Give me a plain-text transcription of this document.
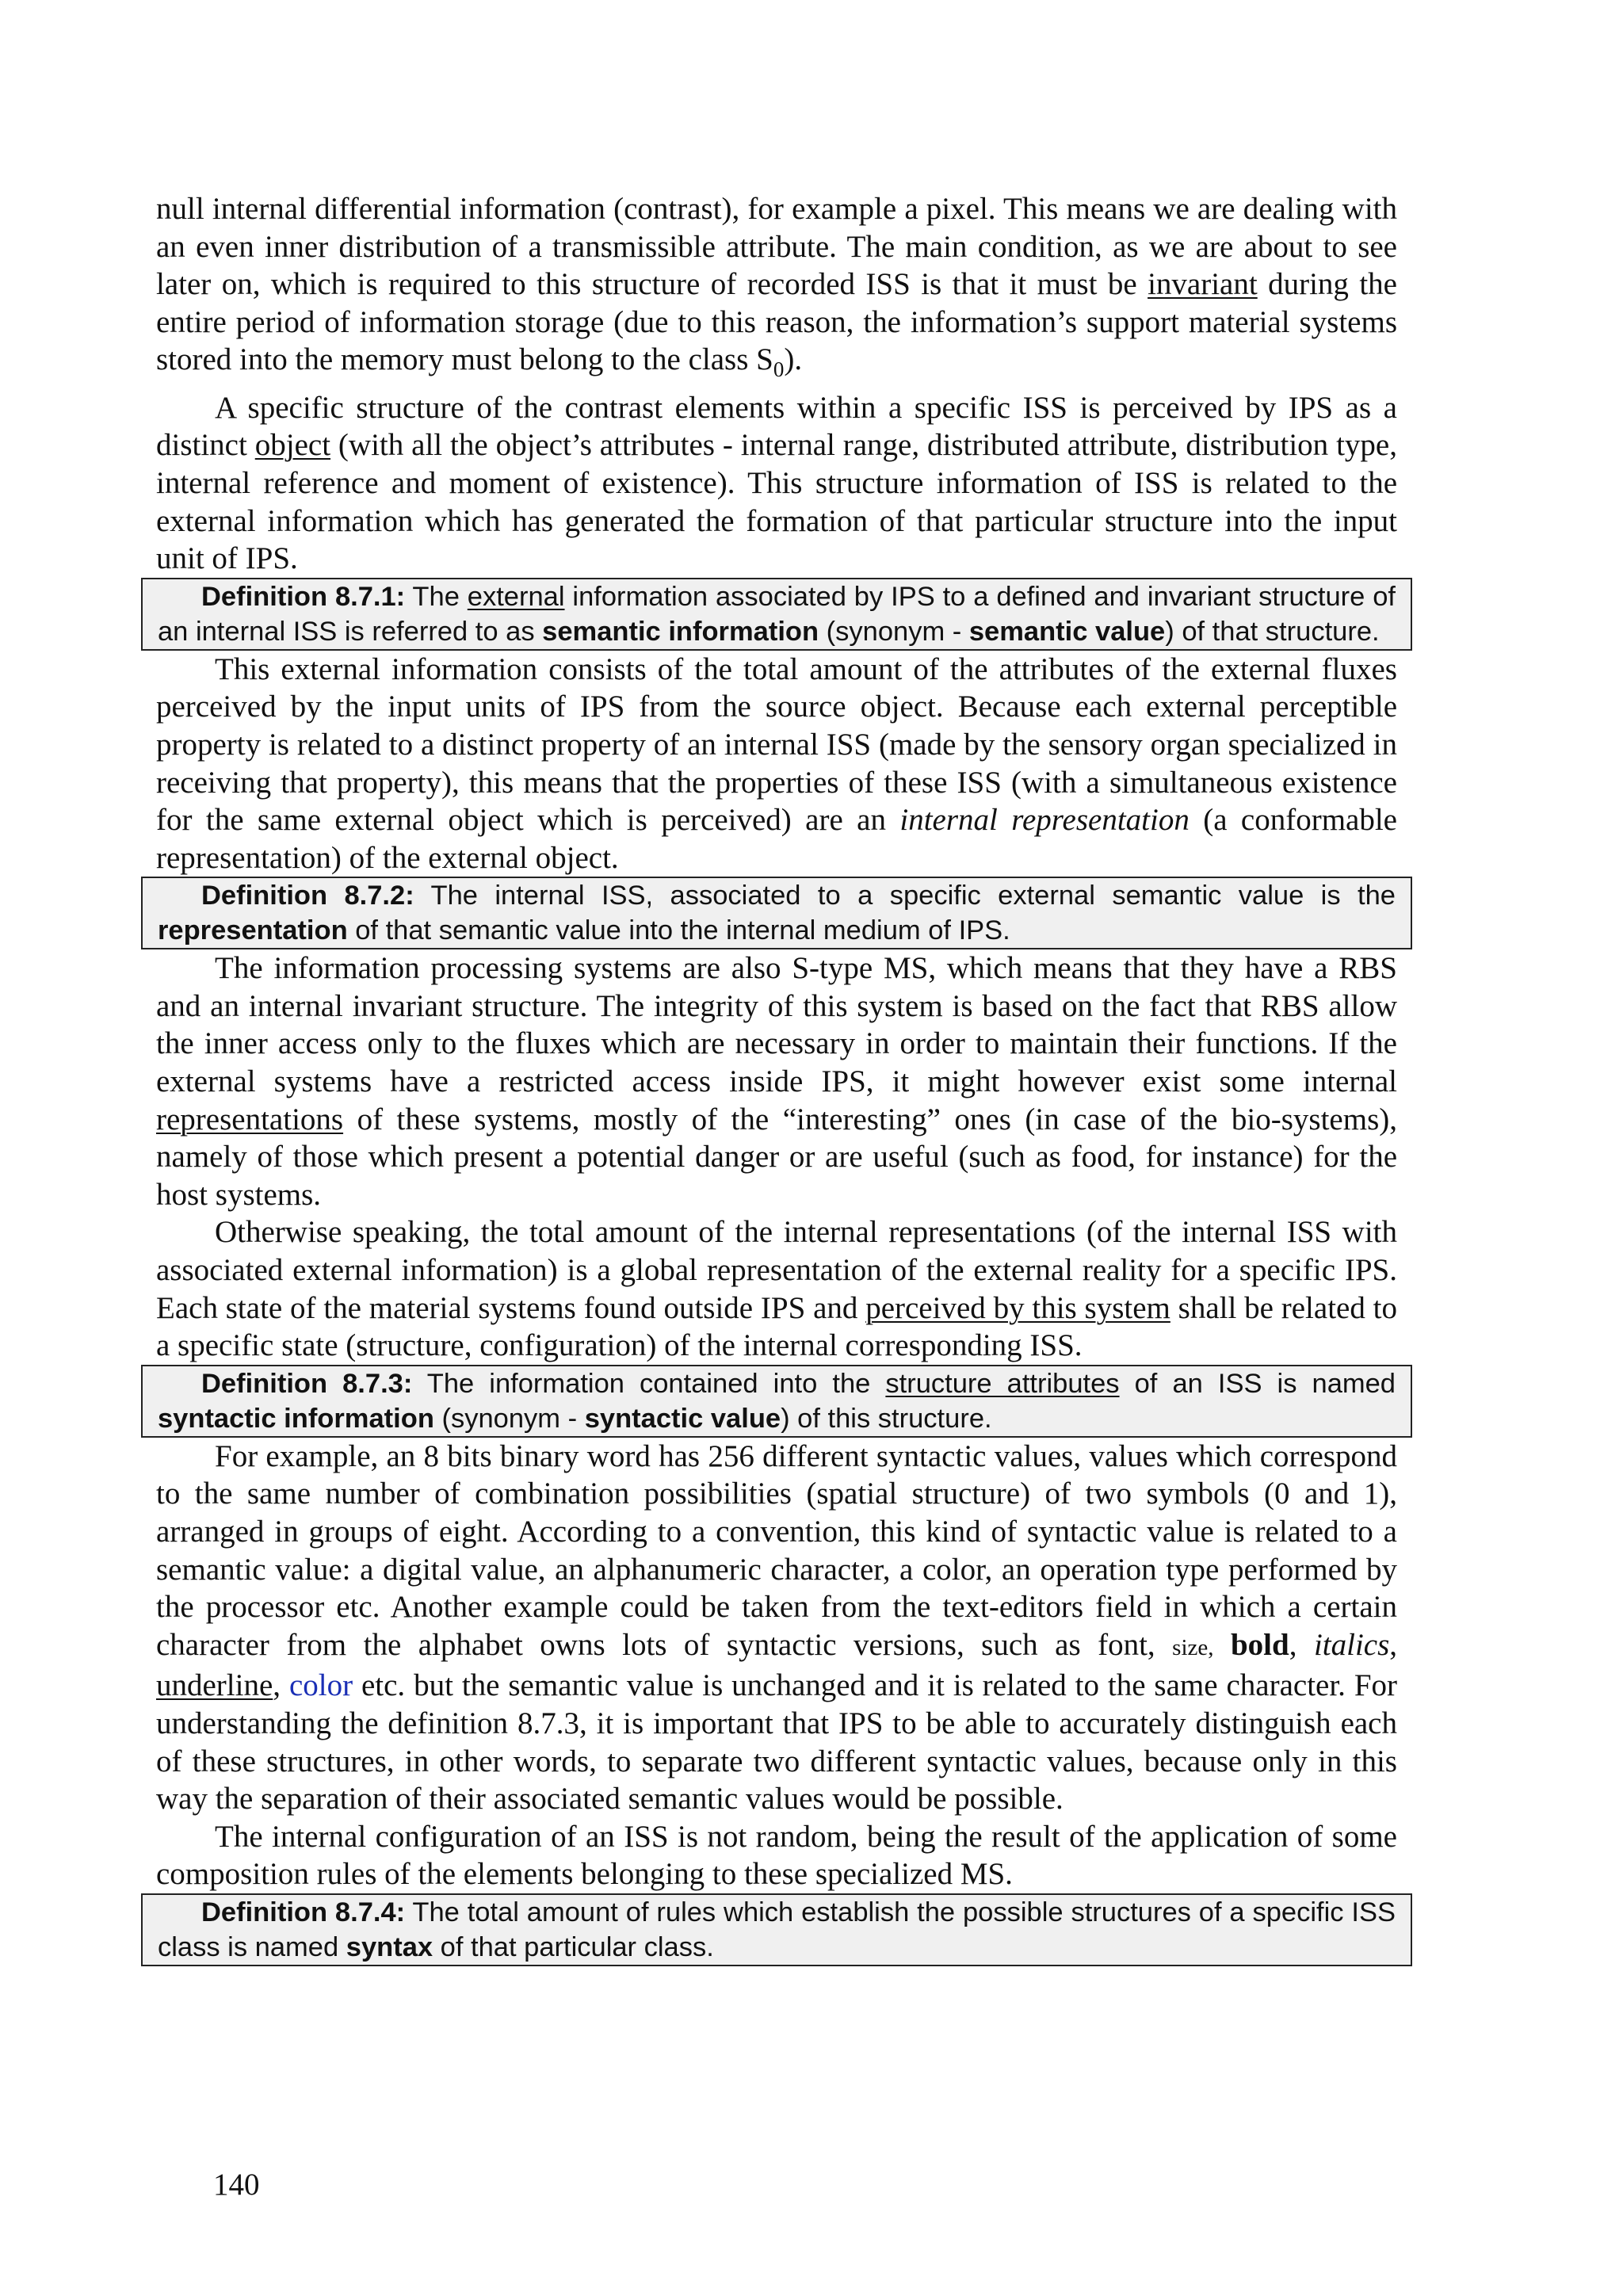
null internal differential information (contrast), for example a pixel. This means we are dealing with an even inner distribution of a transmissible attribute. The main condition, as we are about to see later on, which is required to this structure of recorded ISS is that it must be invariant during the entire period of information storage (due to this reason, the information’s support material systems stored into the memory must belong to the class $S_0$).

A specific structure of the contrast elements within a specific ISS is perceived by IPS as a distinct object (with all the object’s attributes - internal range, distributed attribute, distribution type, internal reference and moment of existence). This structure information of ISS is related to the external information which has generated the formation of that particular structure into the input unit of IPS.

Definition 8.7.1: The external information associated by IPS to a defined and invariant structure of an internal ISS is referred to as semantic information (synonym - semantic value) of that structure.

This external information consists of the total amount of the attributes of the external fluxes perceived by the input units of IPS from the source object. Because each external perceptible property is related to a distinct property of an internal ISS (made by the sensory organ specialized in receiving that property), this means that the properties of these ISS (with a simultaneous existence for the same external object which is perceived) are an internal representation (a conformable representation) of the external object.

Definition 8.7.2: The internal ISS, associated to a specific external semantic value is the representation of that semantic value into the internal medium of IPS.

The information processing systems are also S-type MS, which means that they have a RBS and an internal invariant structure. The integrity of this system is based on the fact that RBS allow the inner access only to the fluxes which are necessary in order to maintain their functions. If the external systems have a restricted access inside IPS, it might however exist some internal representations of these systems, mostly of the “interesting” ones (in case of the bio-systems), namely of those which present a potential danger or are useful (such as food, for instance) for the host systems.

Otherwise speaking, the total amount of the internal representations (of the internal ISS with associated external information) is a global representation of the external reality for a specific IPS. Each state of the material systems found outside IPS and perceived by this system shall be related to a specific state (structure, configuration) of the internal corresponding ISS.

Definition 8.7.3: The information contained into the structure attributes of an ISS is named syntactic information (synonym - syntactic value) of this structure.

For example, an 8 bits binary word has 256 different syntactic values, values which correspond to the same number of combination possibilities (spatial structure) of two symbols (0 and 1), arranged in groups of eight. According to a convention, this kind of syntactic value is related to a semantic value: a digital value, an alphanumeric character, a color, an operation type performed by the processor etc. Another example could be taken from the text-editors field in which a certain character from the alphabet owns lots of syntactic versions, such as font, size, bold, italics, underline, color etc. but the semantic value is unchanged and it is related to the same character. For understanding the definition 8.7.3, it is important that IPS to be able to accurately distinguish each of these structures, in other words, to separate two different syntactic values, because only in this way the separation of their associated semantic values would be possible.

The internal configuration of an ISS is not random, being the result of the application of some composition rules of the elements belonging to these specialized MS.

Definition 8.7.4: The total amount of rules which establish the possible structures of a specific ISS class is named syntax of that particular class.
140
